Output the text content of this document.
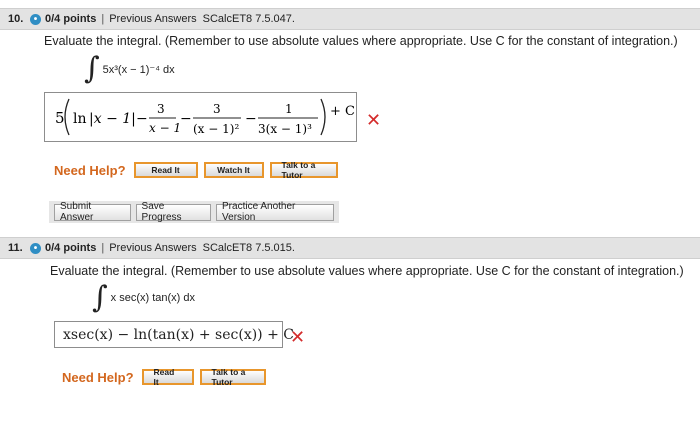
10.	• 0/4 points | Previous Answers SCalcET8 7.5.047.
Evaluate the integral. (Remember to use absolute values where appropriate. Use C for the constant of integration.)
∫ 5x³(x − 1)⁻⁴ dx
5 ln |x − 1| −
3
x − 1
−
3
(x − 1)²
−
1
3(x − 1)³
+ C ✕
Need Help?	Read It	Watch It	Talk to a Tutor
Submit Answer
Save Progress
Practice Another Version
11.	• 0/4 points | Previous Answers SCalcET8 7.5.015.
Evaluate the integral. (Remember to use absolute values where appropriate. Use C for the constant of integration.)
∫ x sec(x) tan(x) dx
xsec(x) − ln(tan(x) + sec(x)) + C
✕
Need Help?	Read It
Talk to a Tutor
